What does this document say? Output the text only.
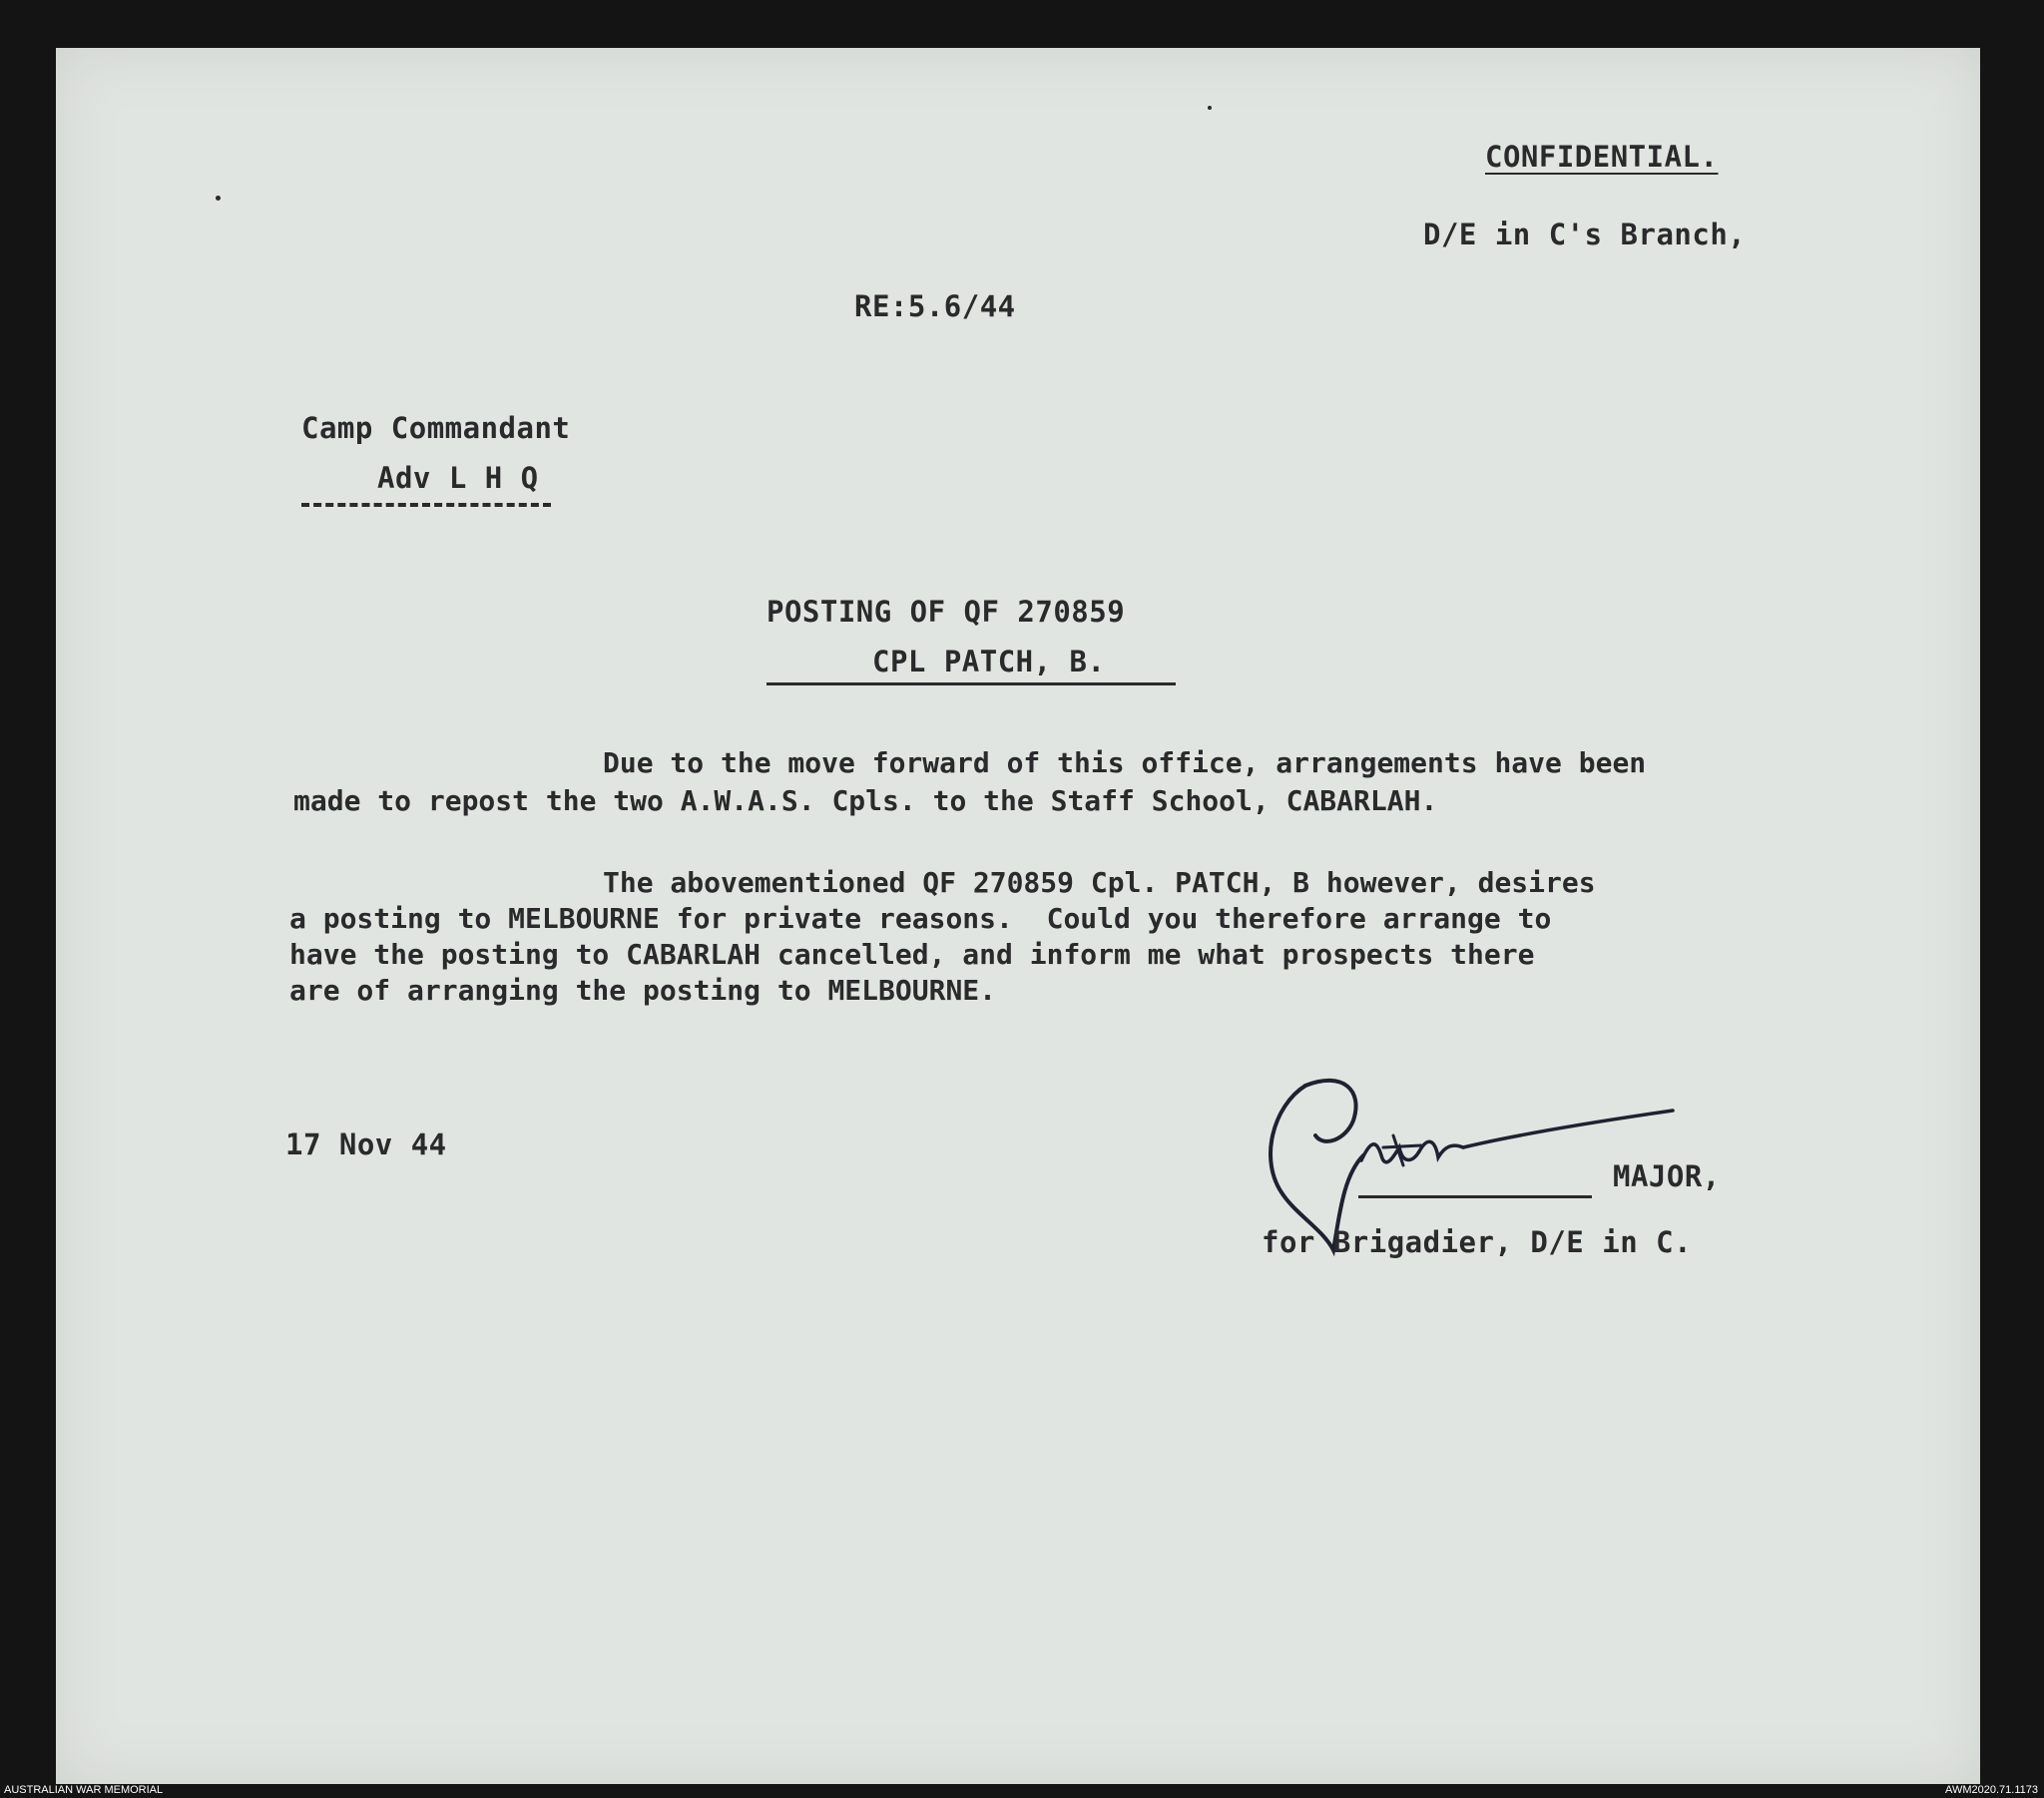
CONFIDENTIAL.
D/E in C's Branch,
RE:5.6/44
Camp Commandant
Adv L H Q
POSTING OF QF 270859
CPL PATCH, B.
Due to the move forward of this office, arrangements have been
made to repost the two A.W.A.S. Cpls. to the Staff School, CABARLAH.
The abovementioned QF 270859 Cpl. PATCH, B however, desires
a posting to MELBOURNE for private reasons.  Could you therefore arrange to
have the posting to CABARLAH cancelled, and inform me what prospects there
are of arranging the posting to MELBOURNE.
17 Nov 44
MAJOR,
for Brigadier, D/E in C.
AUSTRALIAN WAR MEMORIAL	AWM2020.71.1173
